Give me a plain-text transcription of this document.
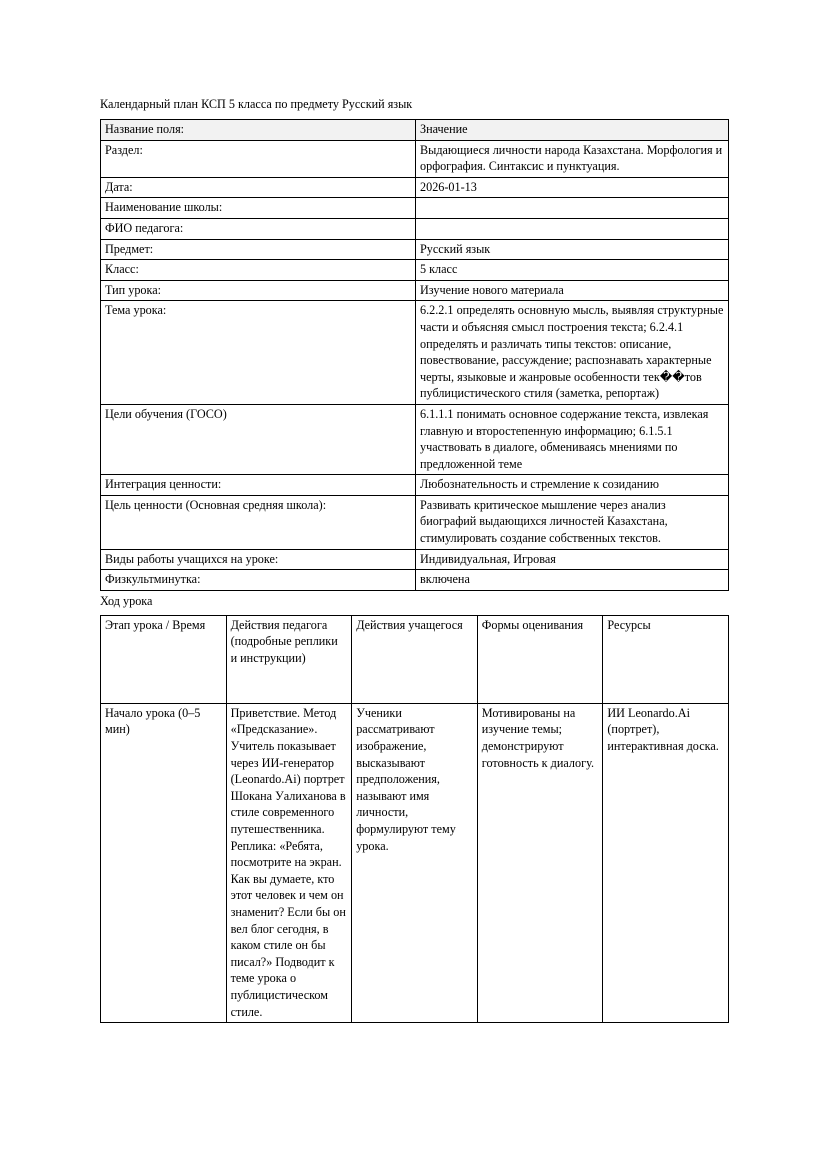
Календарный план КСП 5 класса по предмету Русский язык

Название поля:	Значение
Раздел:	Выдающиеся личности народа Казахстана. Морфология и орфография. Синтаксис и пунктуация.
Дата:	2026-01-13
Наименование школы:	
ФИО педагога:	
Предмет:	Русский язык
Класс:	5 класс
Тип урока:	Изучение нового материала
Тема урока:	6.2.2.1 определять основную мысль, выявляя структурные части и объясняя смысл построения текста; 6.2.4.1 определять и различать типы текстов: описание, повествование, рассуждение; распознавать характерные черты, языковые и жанровые особенности тек��тов публицистического стиля (заметка, репортаж)
Цели обучения (ГОСО)	6.1.1.1 понимать основное содержание текста, извлекая главную и второстепенную информацию; 6.1.5.1 участвовать в диалоге, обмениваясь мнениями по предложенной теме
Интеграция ценности:	Любознательность и стремление к созиданию
Цель ценности (Основная средняя школа):	Развивать критическое мышление через анализ биографий выдающихся личностей Казахстана, стимулировать создание собственных текстов.
Виды работы учащихся на уроке:	Индивидуальная, Игровая
Физкультминутка:	включена

Ход урока

Этап урока / Время	Действия педагога (подробные реплики и инструкции)	Действия учащегося	Формы оценивания	Ресурсы
Начало урока (0–5 мин)	Приветствие. Метод «Предсказание». Учитель показывает через ИИ-генератор (Leonardo.Ai) портрет Шокана Уалиханова в стиле современного путешественника. Реплика: «Ребята, посмотрите на экран. Как вы думаете, кто этот человек и чем он знаменит? Если бы он вел блог сегодня, в каком стиле он бы писал?» Подводит к теме урока о публицистическом стиле.	Ученики рассматривают изображение, высказывают предположения, называют имя личности, формулируют тему урока.	Мотивированы на изучение темы; демонстрируют готовность к диалогу.	ИИ Leonardo.Ai (портрет), интерактивная доска.
